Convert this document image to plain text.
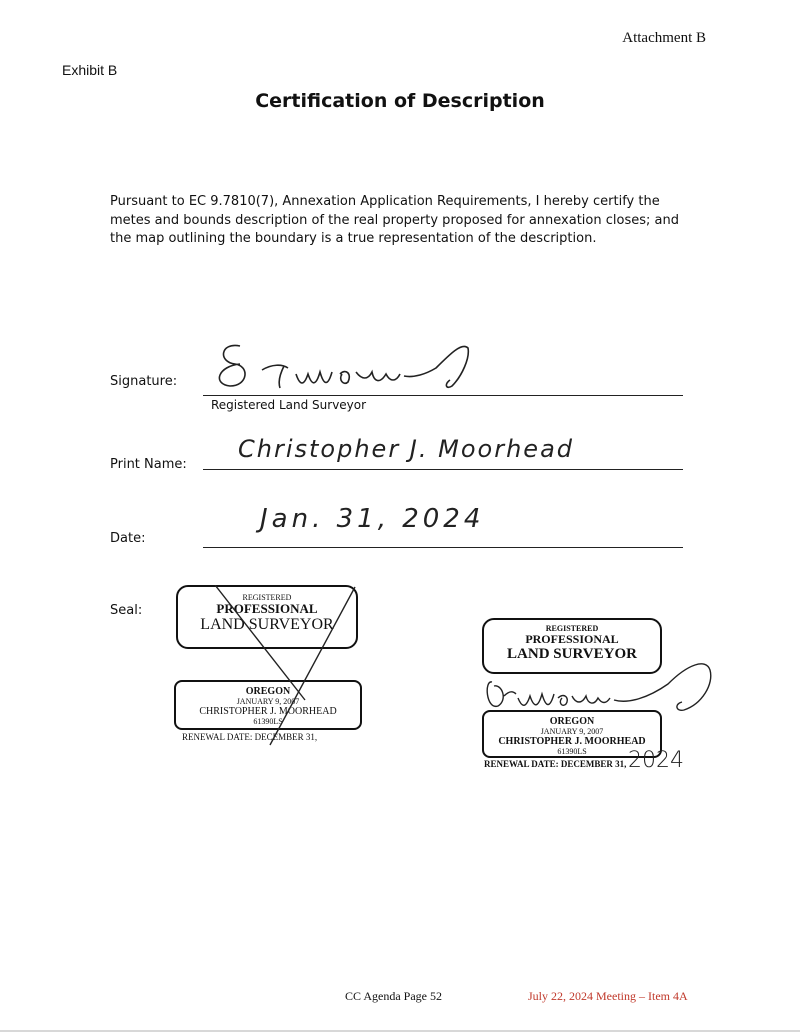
Attachment B
Exhibit B
Certification of Description
Pursuant to EC 9.7810(7), Annexation Application Requirements, I hereby certify the metes and bounds description of the real property proposed for annexation closes; and the map outlining the boundary is a true representation of the description.
Signature:
Registered Land Surveyor
Print Name:
Christopher J. Moorhead
Date:
Jan. 31, 2024
Seal:
REGISTERED
PROFESSIONAL
LAND SURVEYOR
OREGON
JANUARY 9, 2007
CHRISTOPHER J. MOORHEAD
61390LS
RENEWAL DATE: DECEMBER 31,
REGISTERED
PROFESSIONAL
LAND SURVEYOR
OREGON
JANUARY 9, 2007
CHRISTOPHER J. MOORHEAD
61390LS
RENEWAL DATE: DECEMBER 31, 2024
CC Agenda Page 52	July 22, 2024 Meeting – Item 4A
